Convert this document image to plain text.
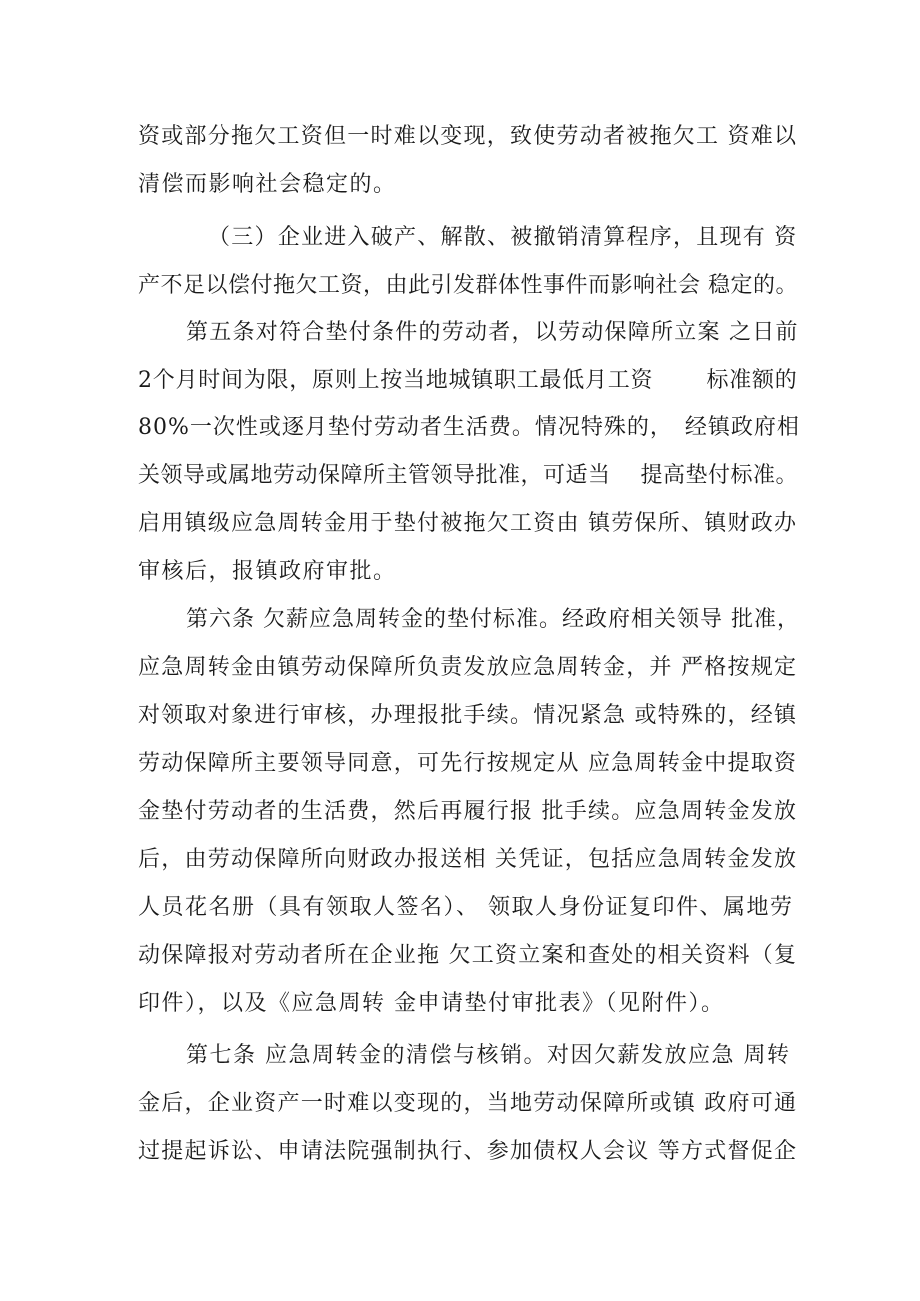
资或部分拖欠工资但一时难以变现，致使劳动者被拖欠工 资难以
清偿而影响社会稳定的。
（三）企业进入破产、解散、被撤销清算程序，且现有 资
产不足以偿付拖欠工资，由此引发群体性事件而影响社会 稳定的。
第五条对符合垫付条件的劳动者，以劳动保障所立案 之日前
2个月时间为限，原则上按当地城镇职工最低月工资 　　标准额的
80%一次性或逐月垫付劳动者生活费。情况特殊的，　经镇政府相
关领导或属地劳动保障所主管领导批准，可适当 　提高垫付标准。
启用镇级应急周转金用于垫付被拖欠工资由 镇劳保所、镇财政办
审核后，报镇政府审批。
第六条 欠薪应急周转金的垫付标准。经政府相关领导 批准，
应急周转金由镇劳动保障所负责发放应急周转金，并 严格按规定
对领取对象进行审核，办理报批手续。情况紧急 或特殊的，经镇
劳动保障所主要领导同意，可先行按规定从 应急周转金中提取资
金垫付劳动者的生活费，然后再履行报 批手续。应急周转金发放
后，由劳动保障所向财政办报送相 关凭证，包括应急周转金发放
人员花名册（具有领取人签名）、 领取人身份证复印件、属地劳
动保障报对劳动者所在企业拖 欠工资立案和查处的相关资料（复
印件），以及《应急周转 金申请垫付审批表》（见附件）。
第七条 应急周转金的清偿与核销。对因欠薪发放应急 周转
金后，企业资产一时难以变现的，当地劳动保障所或镇 政府可通
过提起诉讼、申请法院强制执行、参加债权人会议 等方式督促企
